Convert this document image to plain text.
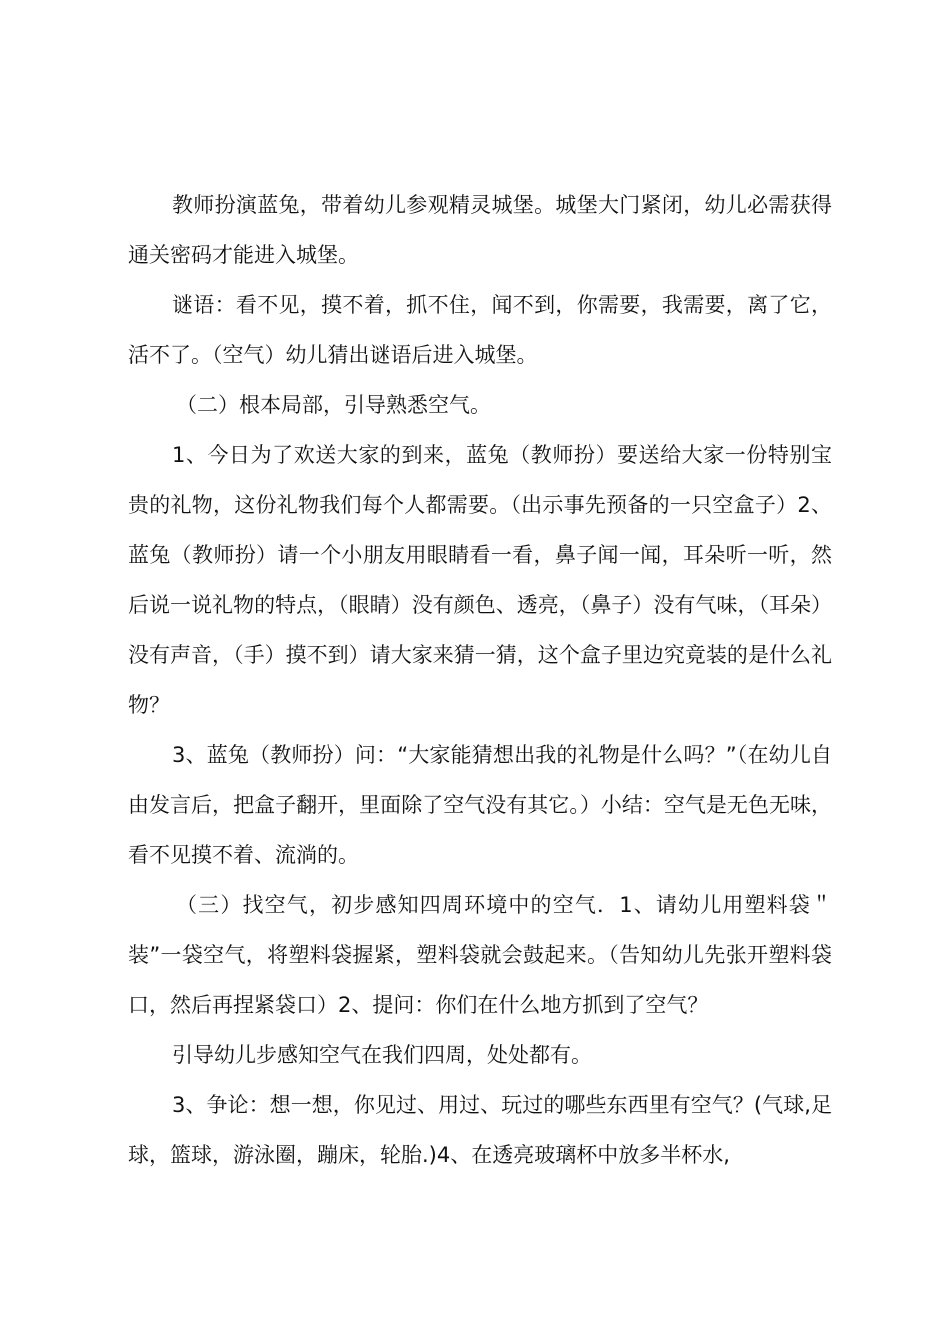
教师扮演蓝兔，带着幼儿参观精灵城堡。城堡大门紧闭，幼儿必需获得通关密码才能进入城堡。

谜语：看不见，摸不着，抓不住，闻不到，你需要，我需要，离了它，活不了。（空气）幼儿猜出谜语后进入城堡。

（二）根本局部，引导熟悉空气。

1、今日为了欢送大家的到来，蓝兔（教师扮）要送给大家一份特别宝贵的礼物，这份礼物我们每个人都需要。（出示事先预备的一只空盒子）2、蓝兔（教师扮）请一个小朋友用眼睛看一看，鼻子闻一闻，耳朵听一听，然后说一说礼物的特点，（眼睛）没有颜色、透亮，（鼻子）没有气味，（耳朵）没有声音，（手）摸不到）请大家来猜一猜，这个盒子里边究竟装的是什么礼物？

3、蓝兔（教师扮）问：“大家能猜想出我的礼物是什么吗？”（在幼儿自由发言后，把盒子翻开，里面除了空气没有其它。）小结：空气是无色无味，看不见摸不着、流淌的。

（三）找空气，初步感知四周环境中的空气．1、请幼儿用塑料袋＂装”一袋空气，将塑料袋握紧，塑料袋就会鼓起来。（告知幼儿先张开塑料袋口，然后再捏紧袋口）2、提问：你们在什么地方抓到了空气？

引导幼儿步感知空气在我们四周，处处都有。

3、争论：想一想，你见过、用过、玩过的哪些东西里有空气？(气球,足球，篮球，游泳圈，蹦床，轮胎.)4、在透亮玻璃杯中放多半杯水,
